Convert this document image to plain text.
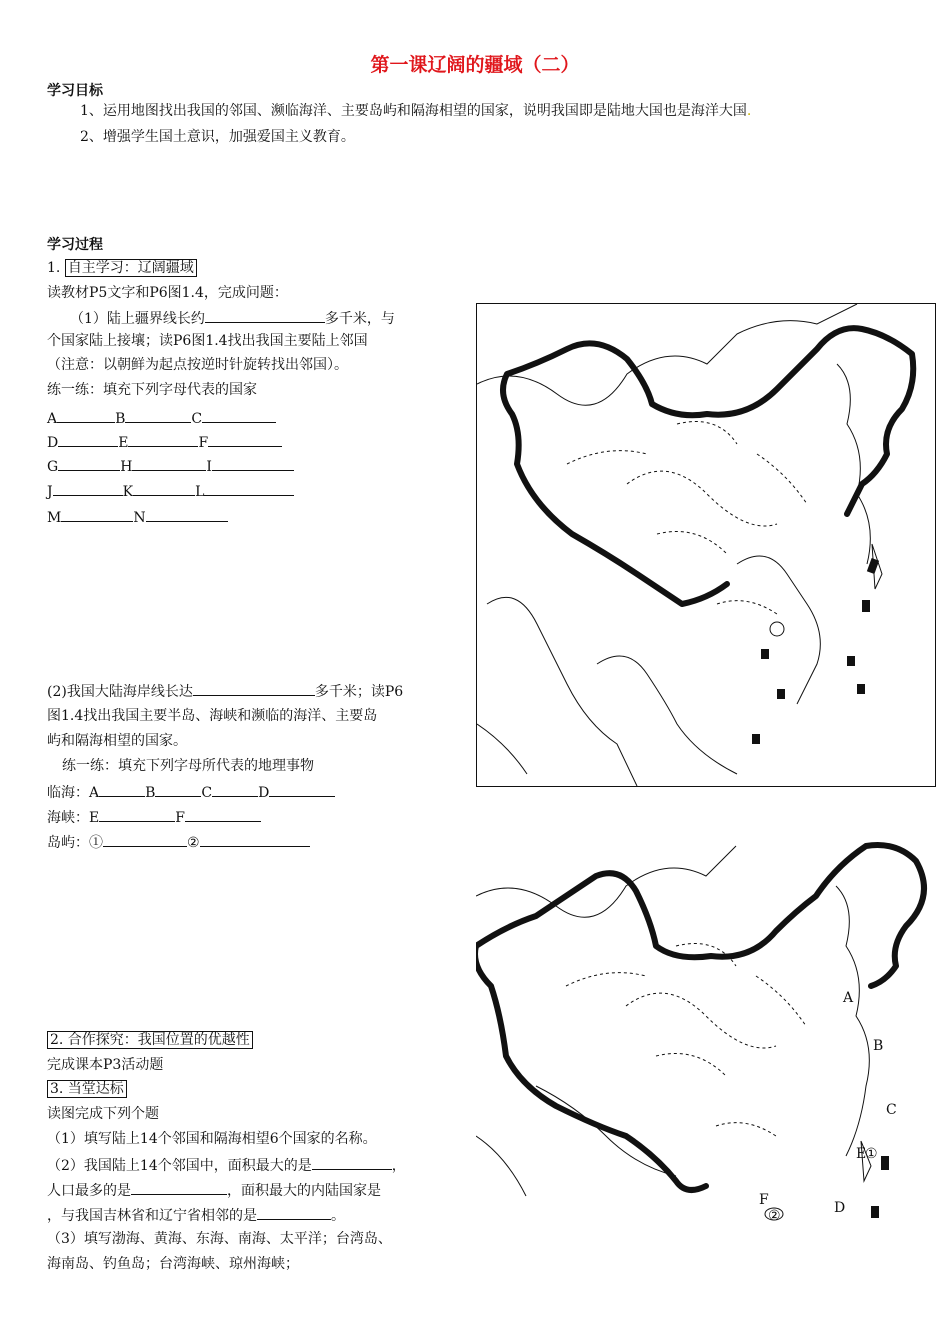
第一课辽阔的疆域（二）
学习目标
1、运用地图找出我国的邻国、濒临海洋、主要岛屿和隔海相望的国家，说明我国即是陆地大国也是海洋大国.
2、增强学生国土意识，加强爱国主义教育。
学习过程
1. 自主学习：辽阔疆域
读教材P5文字和P6图1.4，完成问题：
（1）陆上疆界线长约	多千米，与
个国家陆上接壤；读P6图1.4找出我国主要陆上邻国
（注意：以朝鲜为起点按逆时针旋转找出邻国）。
练一练：填充下列字母代表的国家
A	B	C
D	E	F
G	H	I
J	K	L
M	N
(2)我国大陆海岸线长达	多千米；读P6
图1.4找出我国主要半岛、海峡和濒临的海洋、主要岛
屿和隔海相望的国家。
练一练：填充下列字母所代表的地理事物
临海：A	B	C	D
海峡：E	F
岛屿：①	②
2. 合作探究：我国位置的优越性
完成课本P3活动题
3. 当堂达标
读图完成下列个题
（1）填写陆上14个邻国和隔海相望6个国家的名称。
（2）我国陆上14个邻国中，面积最大的是	，
人口最多的是	，面积最大的内陆国家是
，与我国吉林省和辽宁省相邻的是	。
（3）填写渤海、黄海、东海、南海、太平洋；台湾岛、
海南岛、钓鱼岛；台湾海峡、琼州海峡；
A
B
C
D
E
F
①
②
